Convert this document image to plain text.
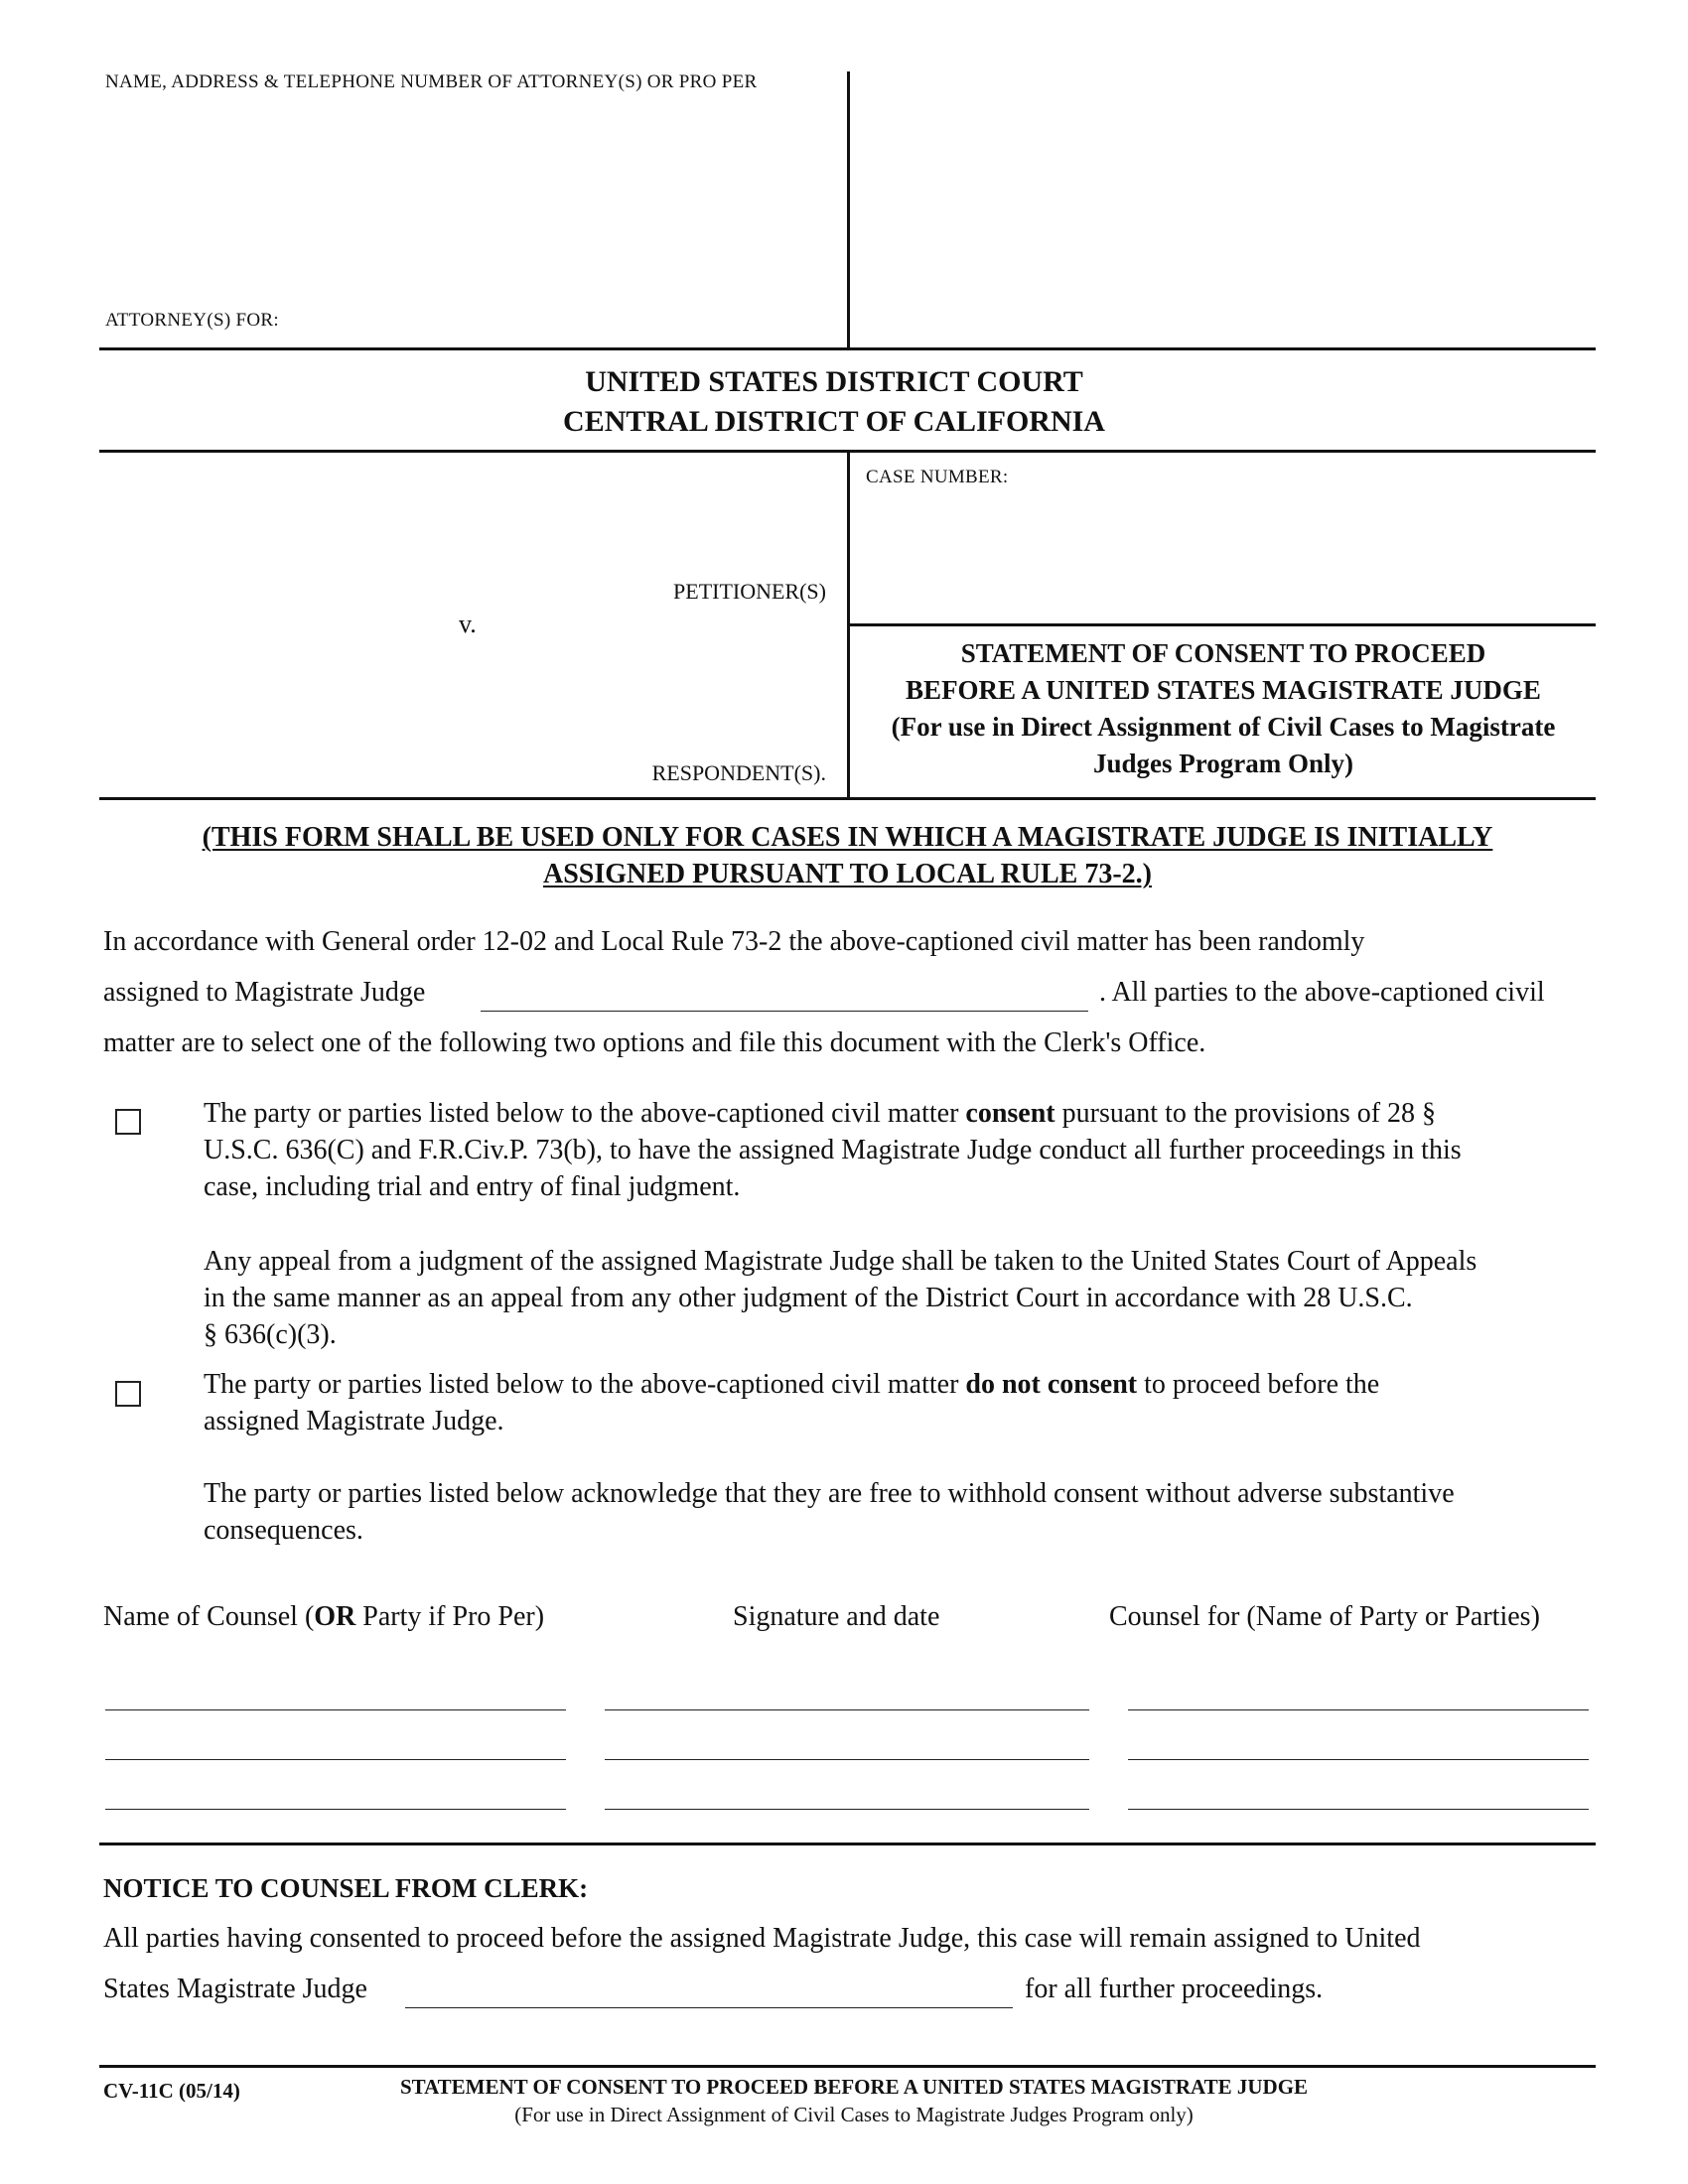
NAME, ADDRESS & TELEPHONE NUMBER OF ATTORNEY(S) OR PRO PER
ATTORNEY(S) FOR:
UNITED STATES DISTRICT COURT
CENTRAL DISTRICT OF CALIFORNIA
CASE NUMBER:
PETITIONER(S)
v.
RESPONDENT(S).
STATEMENT OF CONSENT TO PROCEED
BEFORE A UNITED STATES MAGISTRATE JUDGE
(For use in Direct Assignment of Civil Cases to Magistrate
Judges Program Only)
(THIS FORM SHALL BE USED ONLY FOR CASES IN WHICH A MAGISTRATE JUDGE IS INITIALLY
ASSIGNED PURSUANT TO LOCAL RULE 73-2.)
In accordance with General order 12-02 and Local Rule 73-2 the above-captioned civil matter has been randomly
assigned to Magistrate Judge	. All parties to the above-captioned civil
matter are to select one of the following two options and file this document with the Clerk's Office.
The party or parties listed below to the above-captioned civil matter consent pursuant to the provisions of 28 §
U.S.C. 636(C) and F.R.Civ.P. 73(b), to have the assigned Magistrate Judge conduct all further proceedings in this
case, including trial and entry of final judgment.
Any appeal from a judgment of the assigned Magistrate Judge shall be taken to the United States Court of Appeals
in the same manner as an appeal from any other judgment of the District Court in accordance with 28 U.S.C.
§ 636(c)(3).
The party or parties listed below to the above-captioned civil matter do not consent to proceed before the
assigned Magistrate Judge.
The party or parties listed below acknowledge that they are free to withhold consent without adverse substantive
consequences.
Name of Counsel (OR Party if Pro Per)	Signature and date	Counsel for (Name of Party or Parties)
NOTICE TO COUNSEL FROM CLERK:
All parties having consented to proceed before the assigned Magistrate Judge, this case will remain assigned to United
States Magistrate Judge	for all further proceedings.
CV-11C (05/14)	STATEMENT OF CONSENT TO PROCEED BEFORE A UNITED STATES MAGISTRATE JUDGE
(For use in Direct Assignment of Civil Cases to Magistrate Judges Program only)
